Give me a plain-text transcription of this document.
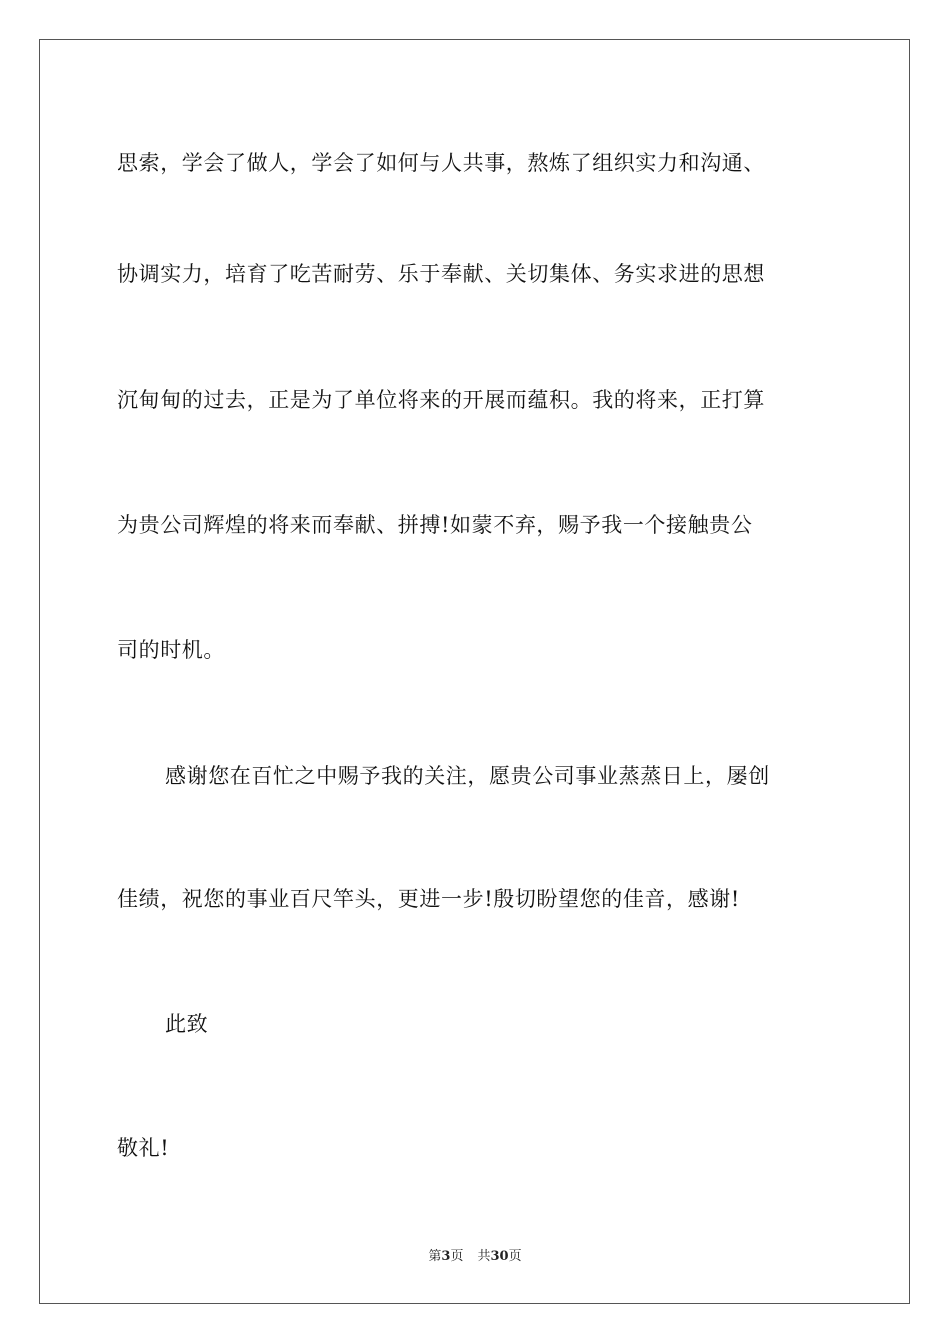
思索，学会了做人，学会了如何与人共事，熬炼了组织实力和沟通、
协调实力，培育了吃苦耐劳、乐于奉献、关切集体、务实求进的思想
沉甸甸的过去，正是为了单位将来的开展而蕴积。我的将来，正打算
为贵公司辉煌的将来而奉献、拼搏!如蒙不弃，赐予我一个接触贵公
司的时机。
感谢您在百忙之中赐予我的关注，愿贵公司事业蒸蒸日上，屡创
佳绩，祝您的事业百尺竿头，更进一步!殷切盼望您的佳音，感谢!
此致
敬礼!
第3页 共30页
